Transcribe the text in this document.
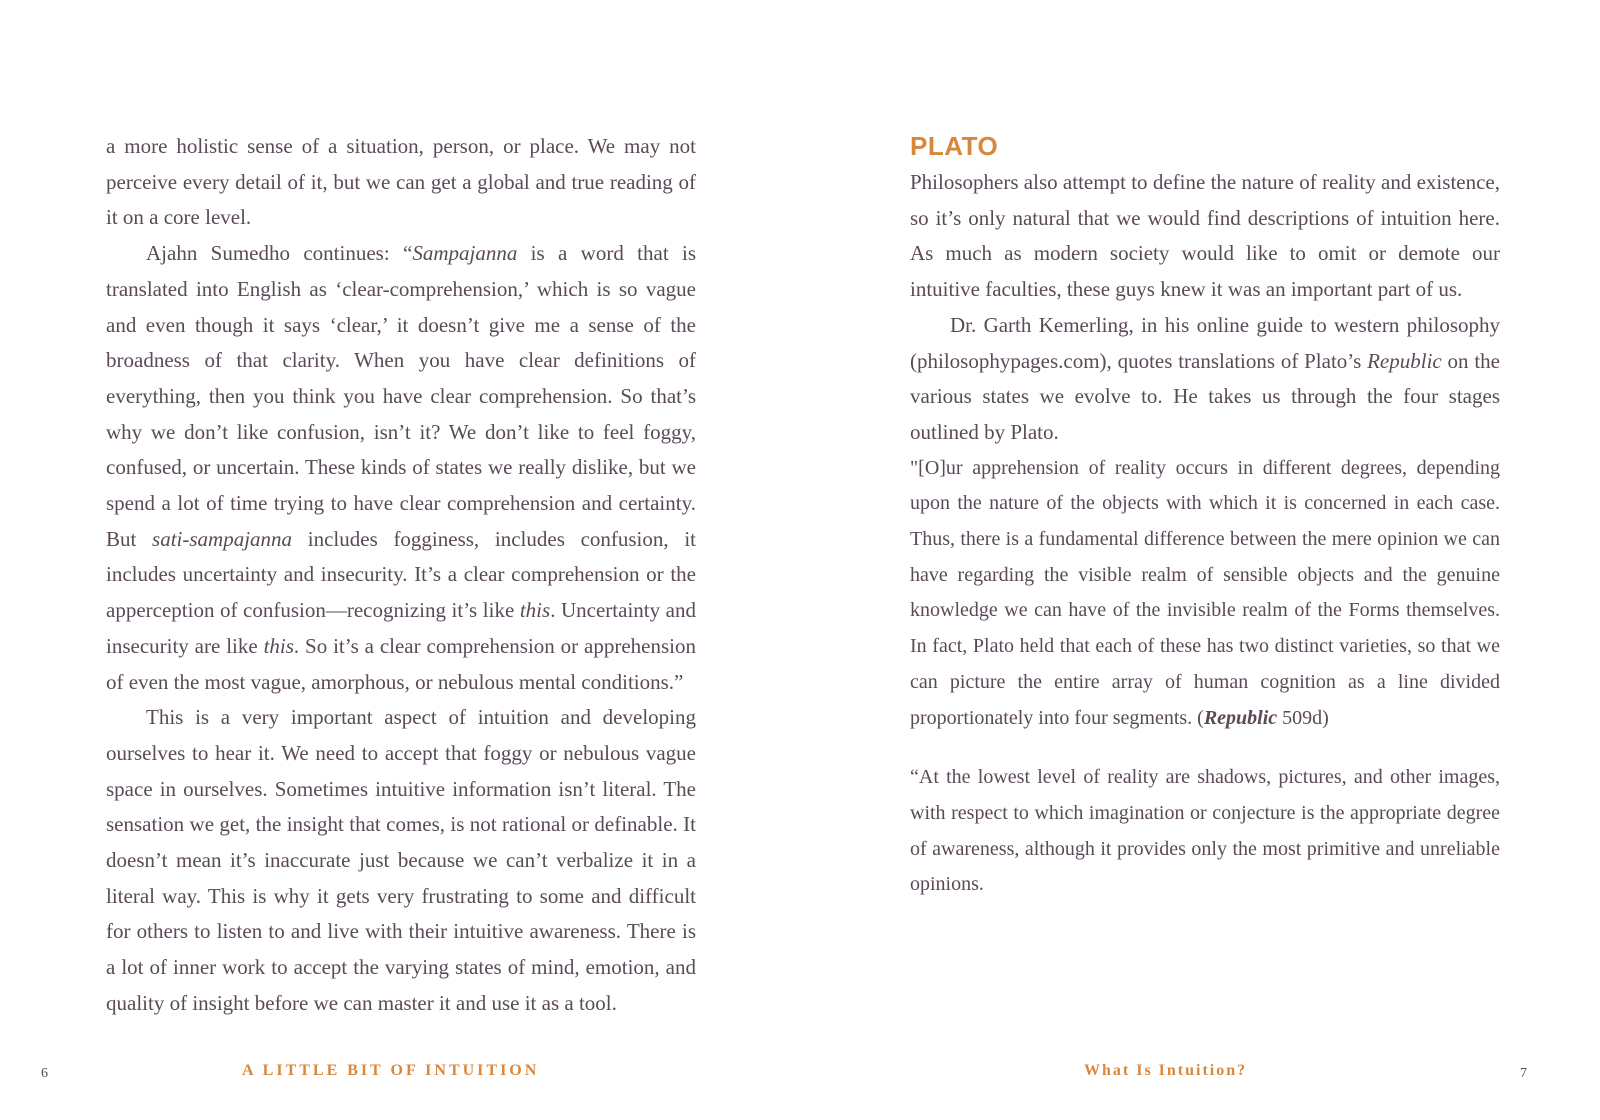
a more holistic sense of a situation, person, or place. We may not perceive every detail of it, but we can get a global and true reading of it on a core level.

Ajahn Sumedho continues: “Sampajanna is a word that is translated into English as ‘clear-comprehension,’ which is so vague and even though it says ‘clear,’ it doesn’t give me a sense of the broadness of that clarity. When you have clear definitions of everything, then you think you have clear comprehension. So that’s why we don’t like confusion, isn’t it? We don’t like to feel foggy, confused, or uncertain. These kinds of states we really dislike, but we spend a lot of time trying to have clear comprehension and certainty. But sati-sampajanna includes fogginess, includes confusion, it includes uncertainty and insecurity. It’s a clear comprehension or the apperception of confusion—recognizing it’s like this. Uncertainty and insecurity are like this. So it’s a clear comprehension or apprehension of even the most vague, amorphous, or nebulous mental conditions.”

This is a very important aspect of intuition and developing ourselves to hear it. We need to accept that foggy or nebulous vague space in ourselves. Sometimes intuitive information isn’t literal. The sensation we get, the insight that comes, is not rational or definable. It doesn’t mean it’s inaccurate just because we can’t verbalize it in a literal way. This is why it gets very frustrating to some and difficult for others to listen to and live with their intuitive awareness. There is a lot of inner work to accept the varying states of mind, emotion, and quality of insight before we can master it and use it as a tool.

6	A LITTLE BIT OF INTUITION
PLATO

Philosophers also attempt to define the nature of reality and existence, so it’s only natural that we would find descriptions of intuition here. As much as modern society would like to omit or demote our intuitive faculties, these guys knew it was an important part of us.

Dr. Garth Kemerling, in his online guide to western philosophy (philosophypages.com), quotes translations of Plato’s Republic on the various states we evolve to. He takes us through the four stages outlined by Plato.

"[O]ur apprehension of reality occurs in different degrees, depending upon the nature of the objects with which it is concerned in each case. Thus, there is a fundamental difference between the mere opinion we can have regarding the visible realm of sensible objects and the genuine knowledge we can have of the invisible realm of the Forms themselves. In fact, Plato held that each of these has two distinct varieties, so that we can picture the entire array of human cognition as a line divided proportionately into four segments. (Republic 509d)

“At the lowest level of reality are shadows, pictures, and other images, with respect to which imagination or conjecture is the appropriate degree of awareness, although it provides only the most primitive and unreliable opinions.

7
What Is Intuition?
